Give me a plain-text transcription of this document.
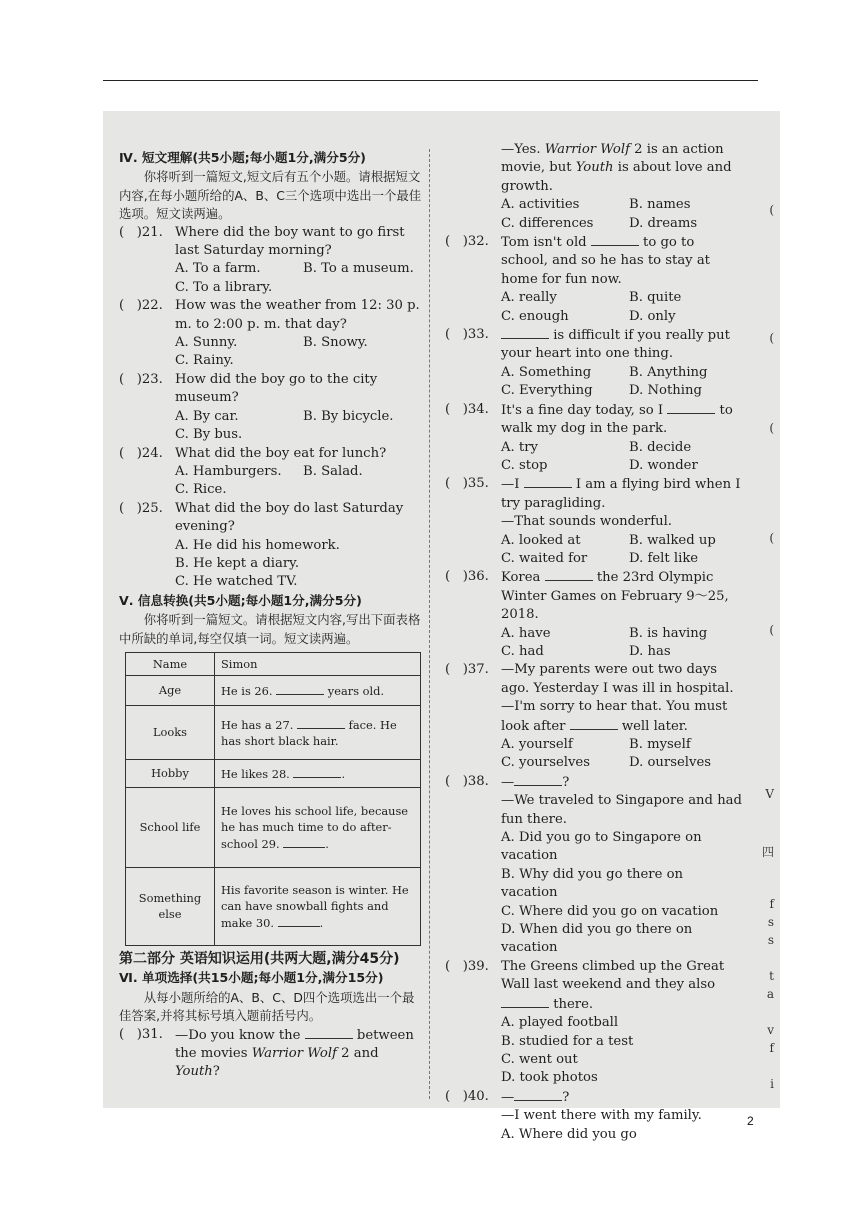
Ⅳ. 短文理解(共5小题;每小题1分,满分5分)

你将听到一篇短文,短文后有五个小题。请根据短文内容,在每小题所给的A、B、C三个选项中选出一个最佳选项。短文读两遍。

(   )21. Where did the boy want to go first last Saturday morning?
A. To a farm.	B. To a museum.
C. To a library.
(   )22. How was the weather from 12: 30 p. m. to 2:00 p. m. that day?
A. Sunny.	B. Snowy.
C. Rainy.
(   )23. How did the boy go to the city museum?
A. By car.	B. By bicycle.
C. By bus.
(   )24. What did the boy eat for lunch?
A. Hamburgers.	B. Salad.
C. Rice.
(   )25. What did the boy do last Saturday evening?
A. He did his homework.
B. He kept a diary.
C. He watched TV.
Ⅴ. 信息转换(共5小题;每小题1分,满分5分)

你将听到一篇短文。请根据短文内容,写出下面表格中所缺的单词,每空仅填一词。短文读两遍。

Name	Simon
Age	He is 26. years old.
Looks	He has a 27. face. He has short black hair.
Hobby	He likes 28. .
School life	He loves his school life, because he has much time to do after-school 29. .
Something else	His favorite season is winter. He can have snowball fights and make 30. .
第二部分 英语知识运用(共两大题,满分45分)
Ⅵ. 单项选择(共15小题;每小题1分,满分15分)

从每小题所给的A、B、C、D四个选项选出一个最佳答案,并将其标号填入题前括号内。

(   )31. —Do you know the	between the movies Warrior Wolf 2 and Youth?
—Yes. Warrior Wolf 2 is an action movie, but Youth is about love and growth.
A. activities	B. names
C. differences	D. dreams
(   )32. Tom isn't old	to go to school, and so he has to stay at home for fun now.
A. really	B. quite
C. enough	D. only
(   )33.	is difficult if you really put your heart into one thing.
A. Something	B. Anything
C. Everything	D. Nothing
(   )34. It's a fine day today, so I	to walk my dog in the park.
A. try	B. decide
C. stop	D. wonder
(   )35. —I	I am a flying bird when I try paragliding.
—That sounds wonderful.
A. looked at	B. walked up
C. waited for	D. felt like
(   )36. Korea	the 23rd Olympic Winter Games on February 9～25, 2018.
A. have	B. is having
C. had	D. has
(   )37. —My parents were out two days ago. Yesterday I was ill in hospital.
—I'm sorry to hear that. You must look after	well later.
A. yourself	B. myself
C. yourselves	D. ourselves
(   )38. —	?
—We traveled to Singapore and had fun there.
A. Did you go to Singapore on vacation
B. Why did you go there on vacation
C. Where did you go on vacation
D. When did you go there on vacation
(   )39. The Greens climbed up the Great Wall last weekend and they also  there.
A. played football
B. studied for a test
C. went out
D. took photos
(   )40. —	?
—I went there with my family.
A. Where did you go
(
(
(
(
(
V
四
f
s
s
t
a
v
f
i
2
